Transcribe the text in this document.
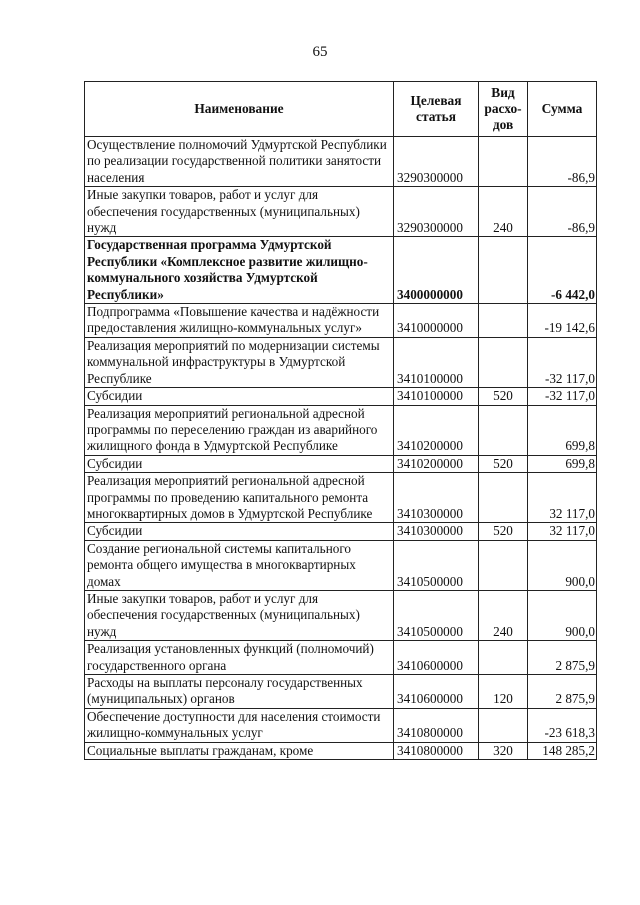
65
Наименование	Целевая статья	Вид расхо- дов	Сумма
Осуществление полномочий Удмуртской Республики по реализации государственной политики занятости населения	3290300000		-86,9
Иные закупки товаров, работ и услуг для обеспечения государственных (муниципальных) нужд	3290300000	240	-86,9
Государственная программа Удмуртской Республики «Комплексное развитие жилищно-коммунального хозяйства Удмуртской Республики»	3400000000		-6 442,0
Подпрограмма «Повышение качества и надёжности предоставления жилищно-коммунальных услуг»	3410000000		-19 142,6
Реализация мероприятий по модернизации системы коммунальной инфраструктуры в Удмуртской Республике	3410100000		-32 117,0
Субсидии	3410100000	520	-32 117,0
Реализация мероприятий региональной адресной программы по переселению граждан из аварийного жилищного фонда в Удмуртской Республике	3410200000		699,8
Субсидии	3410200000	520	699,8
Реализация мероприятий региональной адресной программы по проведению капитального ремонта многоквартирных домов в Удмуртской Республике	3410300000		32 117,0
Субсидии	3410300000	520	32 117,0
Создание региональной системы капитального ремонта общего имущества в многоквартирных домах	3410500000		900,0
Иные закупки товаров, работ и услуг для обеспечения государственных (муниципальных) нужд	3410500000	240	900,0
Реализация установленных функций (полномочий) государственного органа	3410600000		2 875,9
Расходы на выплаты персоналу государственных (муниципальных) органов	3410600000	120	2 875,9
Обеспечение доступности для населения стоимости жилищно-коммунальных услуг	3410800000		-23 618,3
Социальные выплаты гражданам, кроме	3410800000	320	148 285,2
